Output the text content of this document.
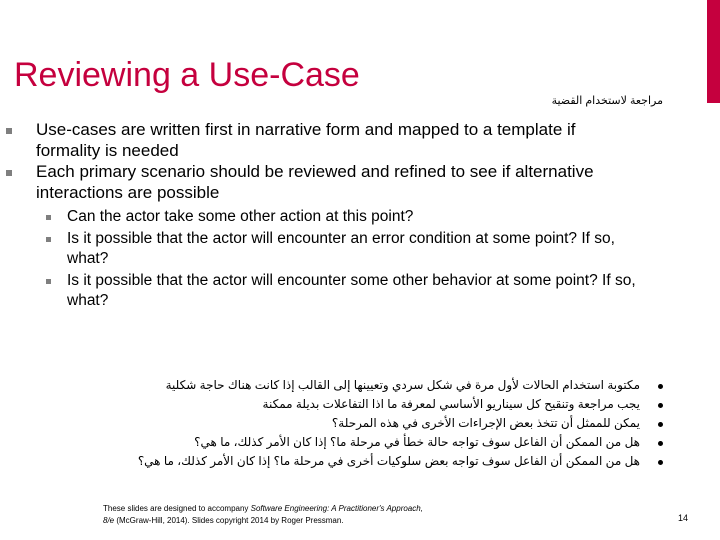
Reviewing a Use-Case
مراجعة لاستخدام القضية
Use-cases are written first in narrative form and mapped to a template if formality is needed
Each primary scenario should be reviewed and refined to see if alternative interactions are possible
Can the actor take some other action at this point?
Is it possible that the actor will encounter an error condition at some point? If so, what?
Is it possible that the actor will encounter some other behavior at some point? If so, what?
مكتوبة استخدام الحالات لأول مرة في شكل سردي وتعيينها إلى القالب إذا كانت هناك حاجة شكلية
يجب مراجعة وتنقيح كل سيناريو الأساسي لمعرفة ما اذا التفاعلات بديلة ممكنة
يمكن للممثل أن تتخذ بعض الإجراءات الأخرى في هذه المرحلة؟
هل من الممكن أن الفاعل سوف تواجه حالة خطأ في مرحلة ما؟ إذا كان الأمر كذلك، ما هي؟
هل من الممكن أن الفاعل سوف تواجه بعض سلوكيات أخرى في مرحلة ما؟ إذا كان الأمر كذلك، ما هي؟
These slides are designed to accompany Software Engineering: A Practitioner's Approach,
8/e (McGraw-Hill, 2014). Slides copyright 2014 by Roger Pressman.	14
